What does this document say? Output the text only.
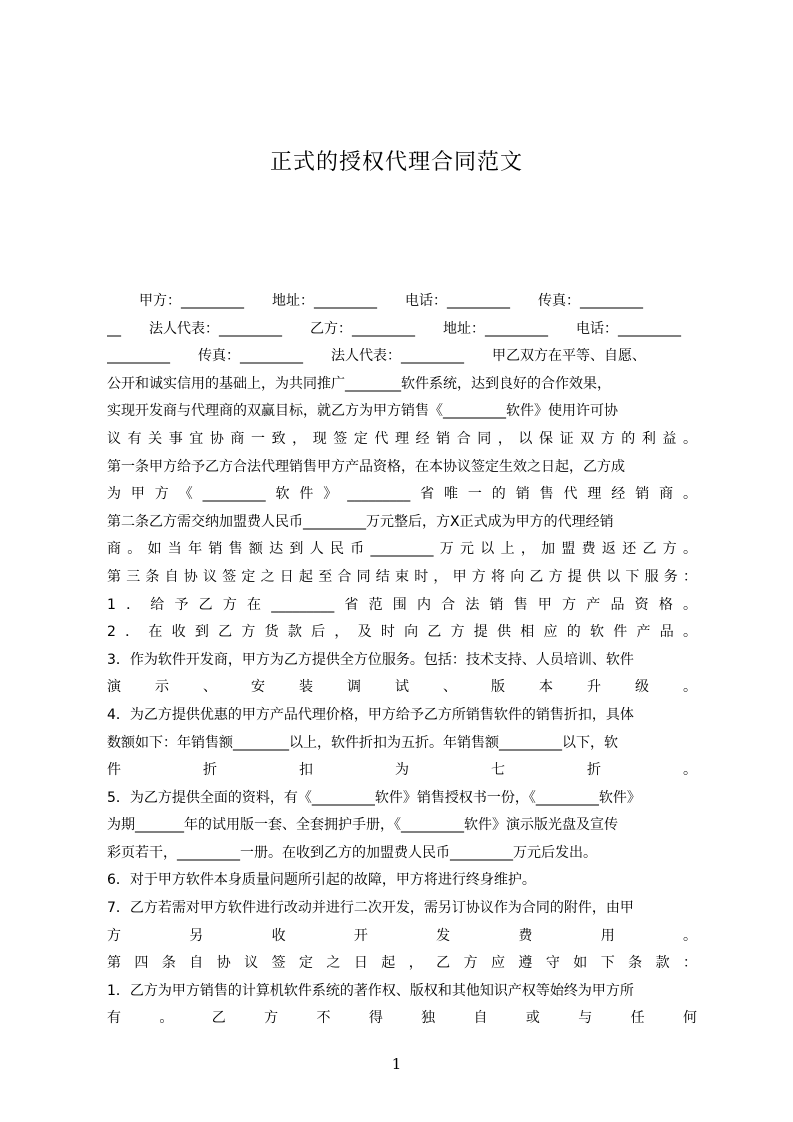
正式的授权代理合同范文
甲方：_________　　地址：_________　　电话：_________　　传真：_________
__　　法人代表：_________　　乙方：_________　　地址：_________　　电话：_________
_________　　传真：_________　　法人代表：_________　　甲乙双方在平等、自愿、
公开和诚实信用的基础上，为共同推广________软件系统，达到良好的合作效果，
实现开发商与代理商的双赢目标，就乙方为甲方销售《_________软件》使用许可协
议有关事宜协商一致，现签定代理经销合同，以保证双方的利益。
第一条甲方给予乙方合法代理销售甲方产品资格，在本协议签定生效之日起，乙方成
为甲方《_________软件》_________省唯一的销售代理经销商。
第二条乙方需交纳加盟费人民币_________万元整后，方X正式成为甲方的代理经销
商。如当年销售额达到人民币_________万元以上，加盟费返还乙方。
第三条自协议签定之日起至合同结束时，甲方将向乙方提供以下服务：
1．给予乙方在_________省范围内合法销售甲方产品资格。
2．在收到乙方货款后，及时向乙方提供相应的软件产品。
3．作为软件开发商，甲方为乙方提供全方位服务。包括：技术支持、人员培训、软件
演示、安装调试、版本升级。
4．为乙方提供优惠的甲方产品代理价格，甲方给予乙方所销售软件的销售折扣，具体
数额如下：年销售额________以上，软件折扣为五折。年销售额_________以下，软
件折扣为七折。
5．为乙方提供全面的资料，有《_________软件》销售授权书一份，《_________软件》
为期_______年的试用版一套、全套拥护手册，《_________软件》演示版光盘及宣传
彩页若干，_________一册。在收到乙方的加盟费人民币_________万元后发出。
6．对于甲方软件本身质量问题所引起的故障，甲方将进行终身维护。
7．乙方若需对甲方软件进行改动并进行二次开发，需另订协议作为合同的附件，由甲
方另收开发费用。
第四条自协议签定之日起，乙方应遵守如下条款：
1．乙方为甲方销售的计算机软件系统的著作权、版权和其他知识产权等始终为甲方所
有。乙方不得独自或与任何
1
